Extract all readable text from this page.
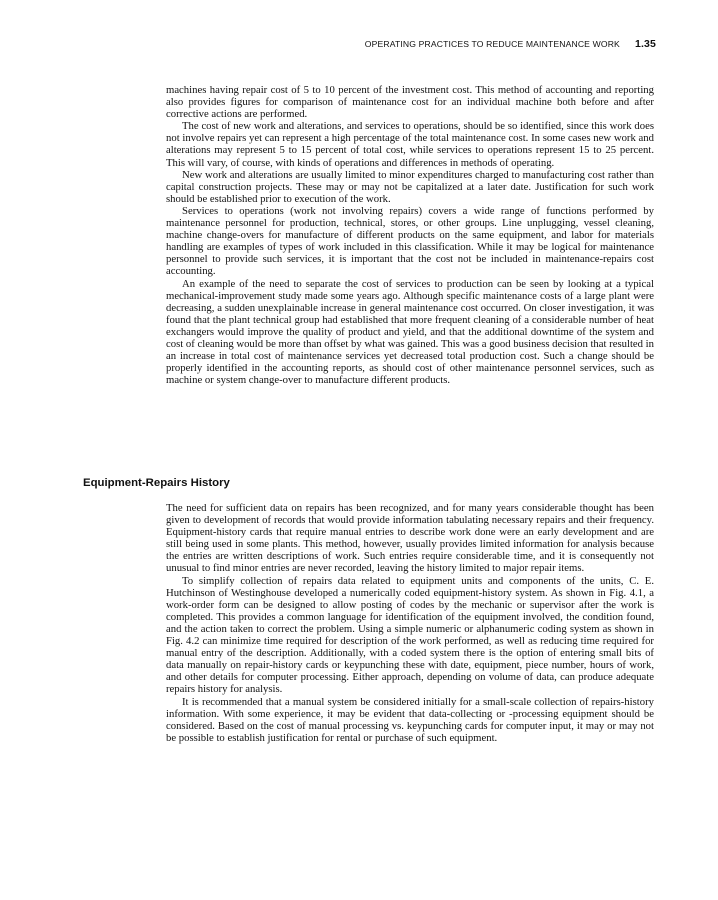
OPERATING PRACTICES TO REDUCE MAINTENANCE WORK 1.35

machines having repair cost of 5 to 10 percent of the investment cost. This method of accounting and reporting also provides figures for comparison of maintenance cost for an individual machine both before and after corrective actions are performed.

The cost of new work and alterations, and services to operations, should be so identified, since this work does not involve repairs yet can represent a high percentage of the total maintenance cost. In some cases new work and alterations may represent 5 to 15 percent of total cost, while services to operations represent 15 to 25 percent. This will vary, of course, with kinds of operations and differences in methods of operating.

New work and alterations are usually limited to minor expenditures charged to manufacturing cost rather than capital construction projects. These may or may not be capitalized at a later date. Justification for such work should be established prior to execution of the work.

Services to operations (work not involving repairs) covers a wide range of functions performed by maintenance personnel for production, technical, stores, or other groups. Line unplugging, vessel cleaning, machine change-overs for manufacture of different products on the same equipment, and labor for materials handling are examples of types of work included in this classification. While it may be logical for maintenance personnel to provide such services, it is important that the cost not be included in maintenance-repairs cost accounting.

An example of the need to separate the cost of services to production can be seen by looking at a typical mechanical-improvement study made some years ago. Although specific maintenance costs of a large plant were decreasing, a sudden unexplainable increase in general maintenance cost occurred. On closer investigation, it was found that the plant technical group had established that more frequent cleaning of a considerable number of heat exchangers would improve the quality of product and yield, and that the additional downtime of the system and cost of cleaning would be more than offset by what was gained. This was a good business decision that resulted in an increase in total cost of maintenance services yet decreased total production cost. Such a change should be properly identified in the accounting reports, as should cost of other maintenance personnel services, such as machine or system change-over to manufacture different products.

Equipment-Repairs History

The need for sufficient data on repairs has been recognized, and for many years considerable thought has been given to development of records that would provide information tabulating necessary repairs and their frequency. Equipment-history cards that require manual entries to describe work done were an early development and are still being used in some plants. This method, however, usually provides limited information for analysis because the entries are written descriptions of work. Such entries require considerable time, and it is consequently not unusual to find minor entries are never recorded, leaving the history limited to major repair items.

To simplify collection of repairs data related to equipment units and components of the units, C. E. Hutchinson of Westinghouse developed a numerically coded equipment-history system. As shown in Fig. 4.1, a work-order form can be designed to allow posting of codes by the mechanic or supervisor after the work is completed. This provides a common language for identification of the equipment involved, the condition found, and the action taken to correct the problem. Using a simple numeric or alphanumeric coding system as shown in Fig. 4.2 can minimize time required for description of the work performed, as well as reducing time required for manual entry of the description. Additionally, with a coded system there is the option of entering small bits of data manually on repair-history cards or keypunching these with date, equipment, piece number, hours of work, and other details for computer processing. Either approach, depending on volume of data, can produce adequate repairs history for analysis.

It is recommended that a manual system be considered initially for a small-scale collection of repairs-history information. With some experience, it may be evident that data-collecting or -processing equipment should be considered. Based on the cost of manual processing vs. keypunching cards for computer input, it may or may not be possible to establish justification for rental or purchase of such equipment.
